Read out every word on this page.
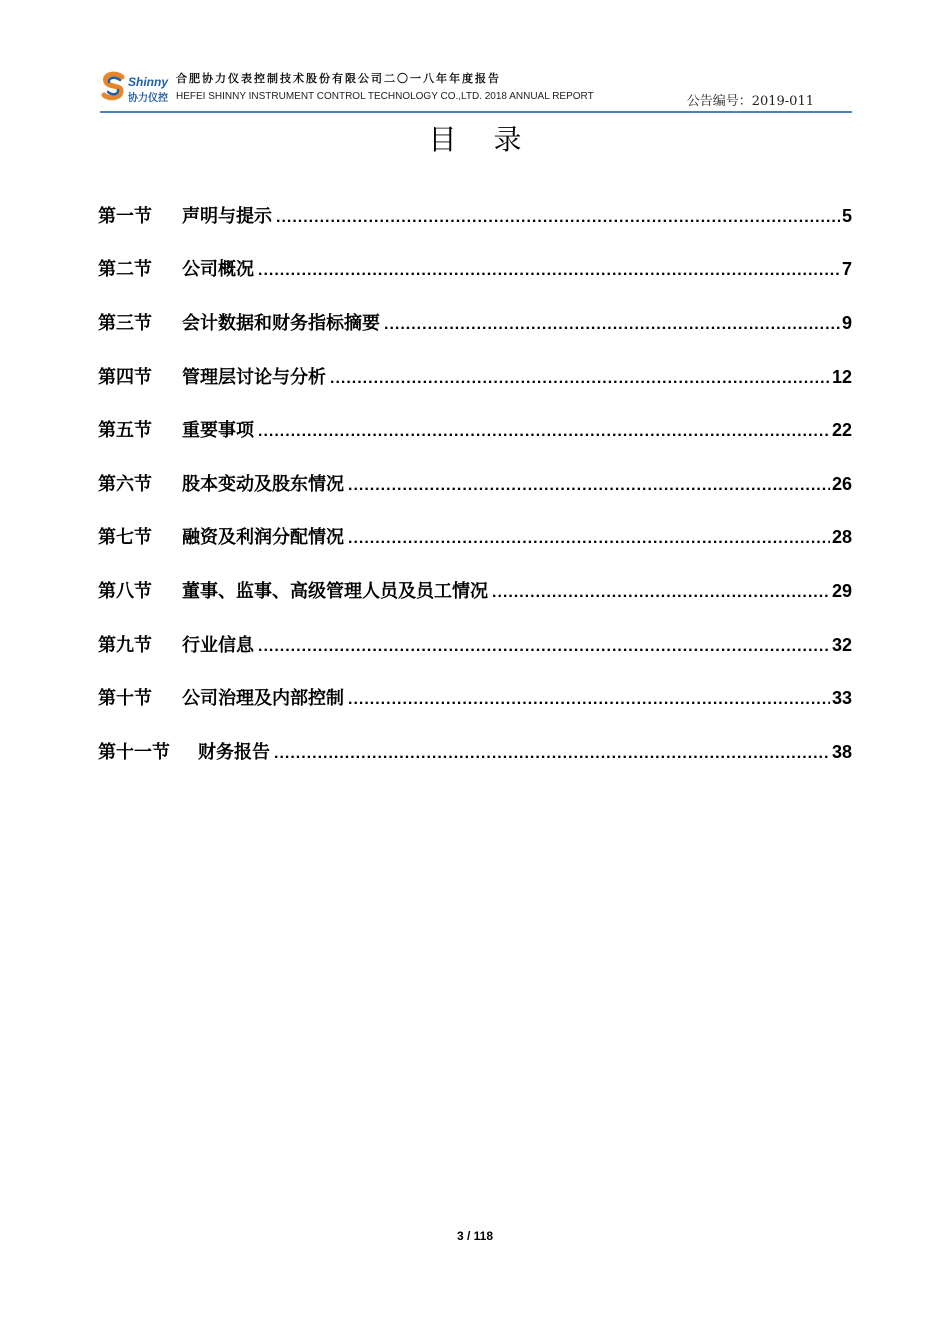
Shinny
协力仪控
合肥协力仪表控制技术股份有限公司二〇一八年年度报告
HEFEI SHINNY INSTRUMENT CONTROL TECHNOLOGY CO.,LTD. 2018 ANNUAL REPORT	公告编号：2019-011
目 录
第一节	声明与提示 .....	5
第二节	公司概况 .....	7
第三节	会计数据和财务指标摘要 .....	9
第四节	管理层讨论与分析 .....	12
第五节	重要事项 .....	22
第六节	股本变动及股东情况 .....	26
第七节	融资及利润分配情况 .....	28
第八节	董事、监事、高级管理人员及员工情况 .....	29
第九节	行业信息 .....	32
第十节	公司治理及内部控制 .....	33
第十一节	财务报告 .....	38
3 / 118
